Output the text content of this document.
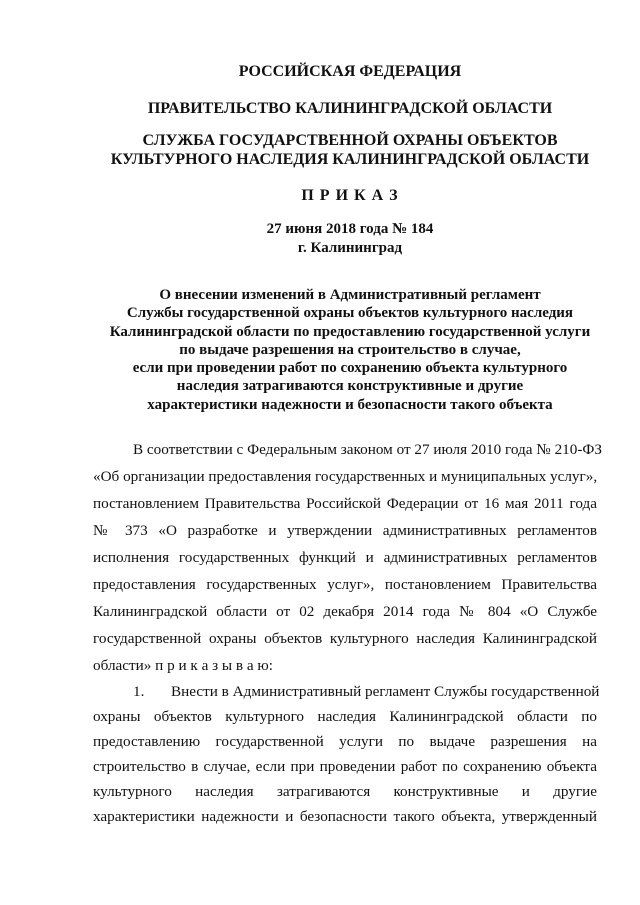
РОССИЙСКАЯ ФЕДЕРАЦИЯ
ПРАВИТЕЛЬСТВО КАЛИНИНГРАДСКОЙ ОБЛАСТИ
СЛУЖБА ГОСУДАРСТВЕННОЙ ОХРАНЫ ОБЪЕКТОВ
КУЛЬТУРНОГО НАСЛЕДИЯ КАЛИНИНГРАДСКОЙ ОБЛАСТИ
П Р И К А З
27 июня 2018 года № 184
г. Калининград
О внесении изменений в Административный регламент
Службы государственной охраны объектов культурного наследия
Калининградской области по предоставлению государственной услуги
по выдаче разрешения на строительство в случае,
если при проведении работ по сохранению объекта культурного
наследия затрагиваются конструктивные и другие
характеристики надежности и безопасности такого объекта
В соответствии с Федеральным законом от 27 июля 2010 года № 210-ФЗ
«Об организации предоставления государственных и муниципальных услуг»,
постановлением Правительства Российской Федерации от 16 мая 2011 года
№ 373 «О разработке и утверждении административных регламентов
исполнения государственных функций и административных регламентов
предоставления государственных услуг», постановлением Правительства
Калининградской области от 02 декабря 2014 года № 804 «О Службе
государственной охраны объектов культурного наследия Калининградской
области» п р и к а з ы в а ю:
1. Внести в Административный регламент Службы государственной
охраны объектов культурного наследия Калининградской области по
предоставлению государственной услуги по выдаче разрешения на
строительство в случае, если при проведении работ по сохранению объекта
культурного наследия затрагиваются конструктивные и другие
характеристики надежности и безопасности такого объекта, утвержденный
